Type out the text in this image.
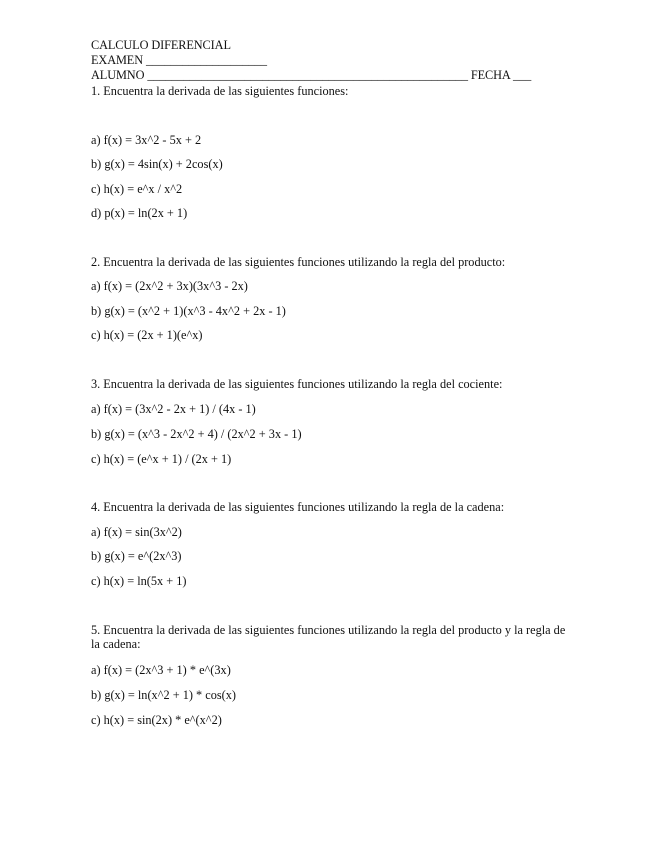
CALCULO DIFERENCIAL
EXAMEN ____________________
ALUMNO _____________________________________________________ FECHA ___
1. Encuentra la derivada de las siguientes funciones:
a) f(x) = 3x^2 - 5x + 2
b) g(x) = 4sin(x) + 2cos(x)
c) h(x) = e^x / x^2
d) p(x) = ln(2x + 1)
2. Encuentra la derivada de las siguientes funciones utilizando la regla del producto:
a) f(x) = (2x^2 + 3x)(3x^3 - 2x)
b) g(x) = (x^2 + 1)(x^3 - 4x^2 + 2x - 1)
c) h(x) = (2x + 1)(e^x)
3. Encuentra la derivada de las siguientes funciones utilizando la regla del cociente:
a) f(x) = (3x^2 - 2x + 1) / (4x - 1)
b) g(x) = (x^3 - 2x^2 + 4) / (2x^2 + 3x - 1)
c) h(x) = (e^x + 1) / (2x + 1)
4. Encuentra la derivada de las siguientes funciones utilizando la regla de la cadena:
a) f(x) = sin(3x^2)
b) g(x) = e^(2x^3)
c) h(x) = ln(5x + 1)
5. Encuentra la derivada de las siguientes funciones utilizando la regla del producto y la regla de la cadena:
a) f(x) = (2x^3 + 1) * e^(3x)
b) g(x) = ln(x^2 + 1) * cos(x)
c) h(x) = sin(2x) * e^(x^2)
